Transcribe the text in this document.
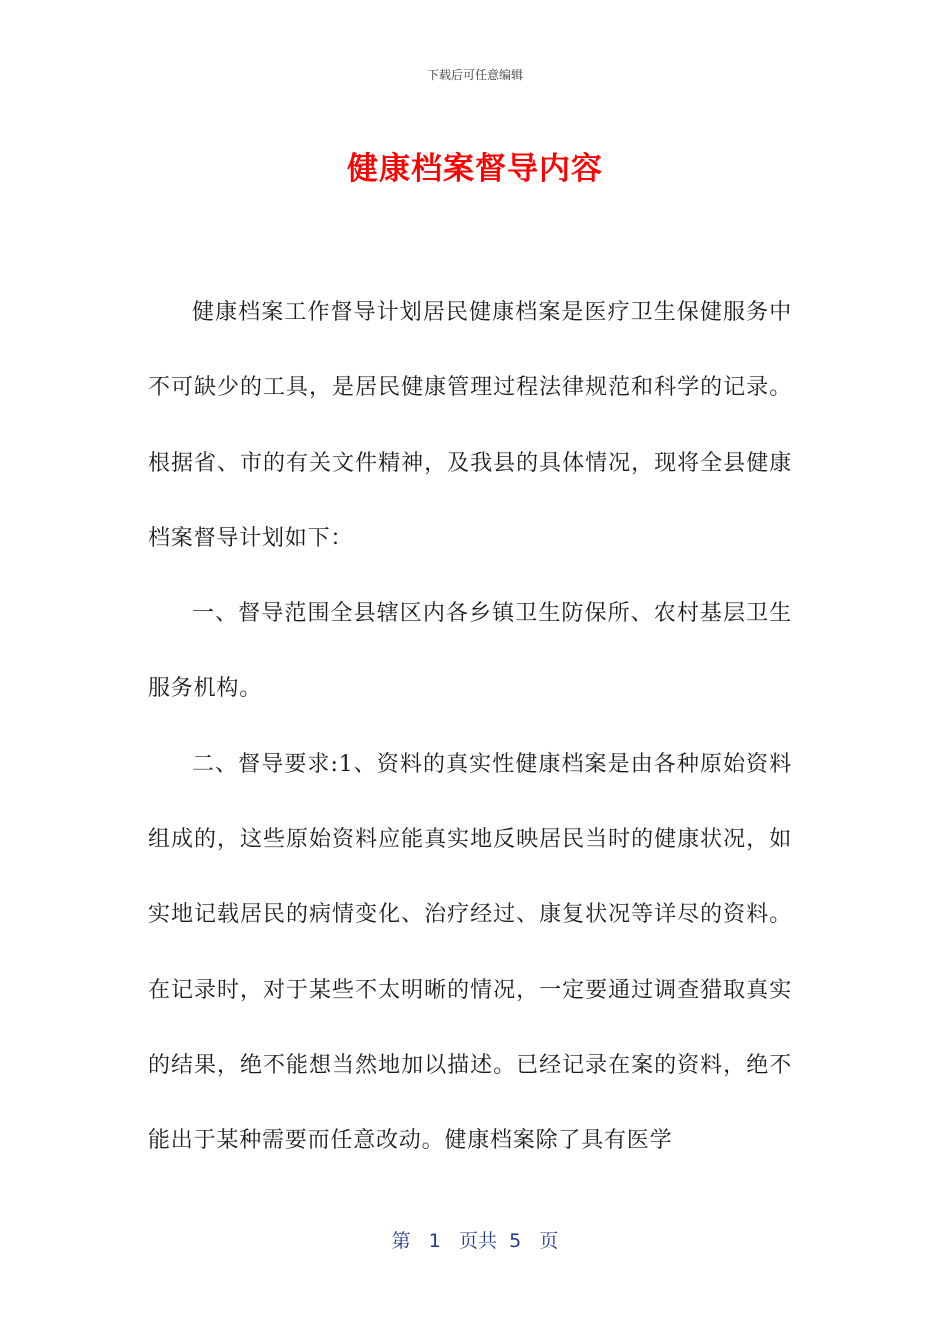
下载后可任意编辑
健康档案督导内容

健康档案工作督导计划居民健康档案是医疗卫生保健服务中不可缺少的工具，是居民健康管理过程法律规范和科学的记录。根据省、市的有关文件精神，及我县的具体情况，现将全县健康档案督导计划如下：

一、督导范围全县辖区内各乡镇卫生防保所、农村基层卫生服务机构。

二、督导要求:1、资料的真实性健康档案是由各种原始资料组成的，这些原始资料应能真实地反映居民当时的健康状况，如实地记载居民的病情变化、治疗经过、康复状况等详尽的资料。在记录时，对于某些不太明晰的情况，一定要通过调查猎取真实的结果，绝不能想当然地加以描述。已经记录在案的资料，绝不能出于某种需要而任意改动。健康档案除了具有医学

第 1 页共 5 页
